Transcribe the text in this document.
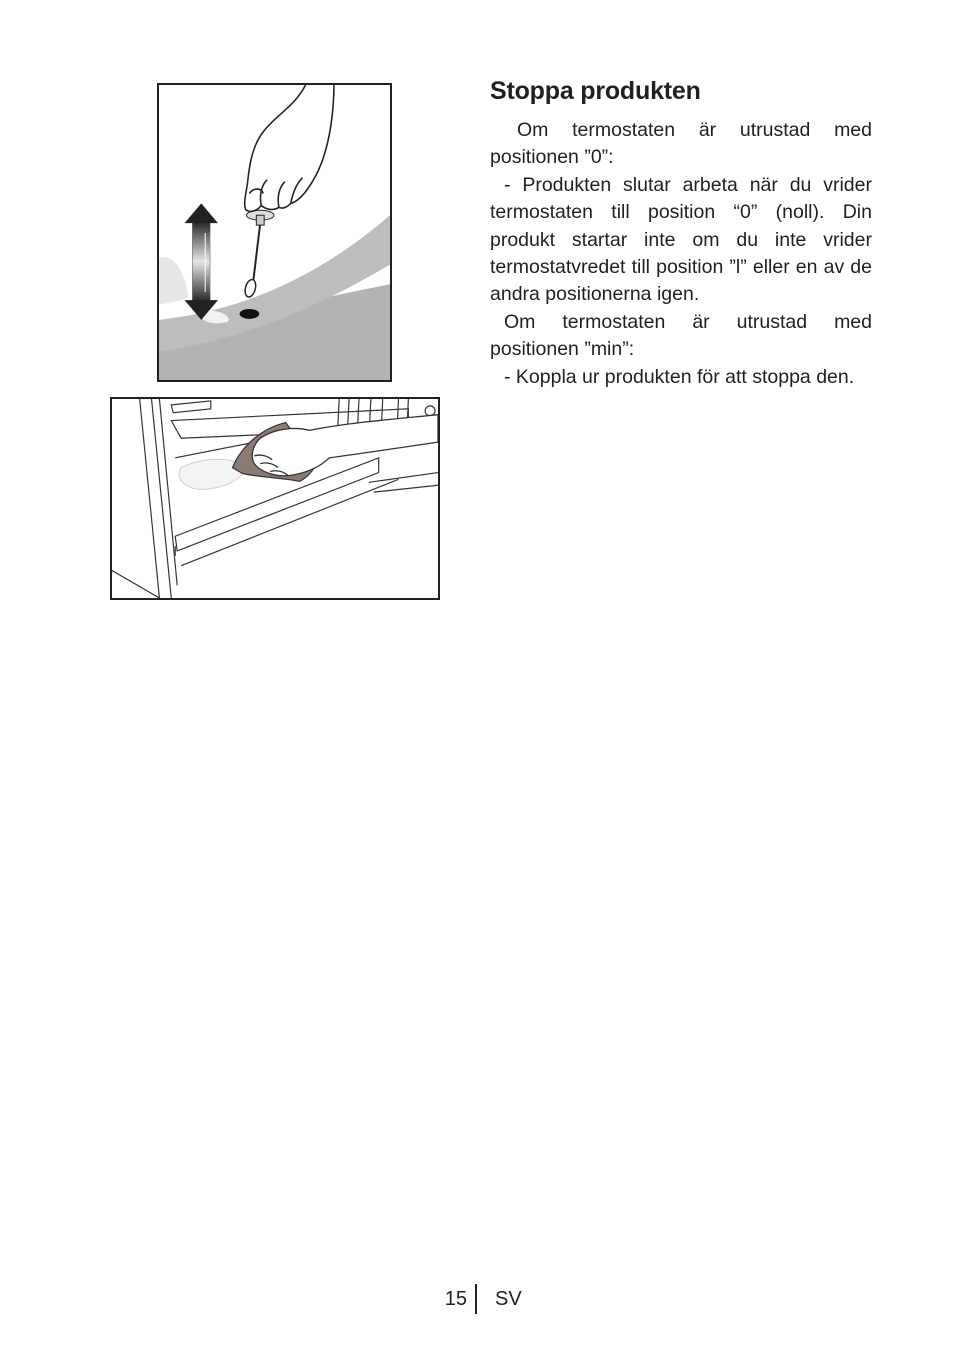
Stoppa produkten

Om termostaten är utrustad med positionen ”0”:

- Produkten slutar arbeta när du vrider termostaten till position “0” (noll). Din produkt startar inte om du inte vrider termostatvredet till position ”l” eller en av de andra positionerna igen.

Om termostaten är utrustad med positionen ”min”:

- Koppla ur produkten för att stoppa den.

15 SV
